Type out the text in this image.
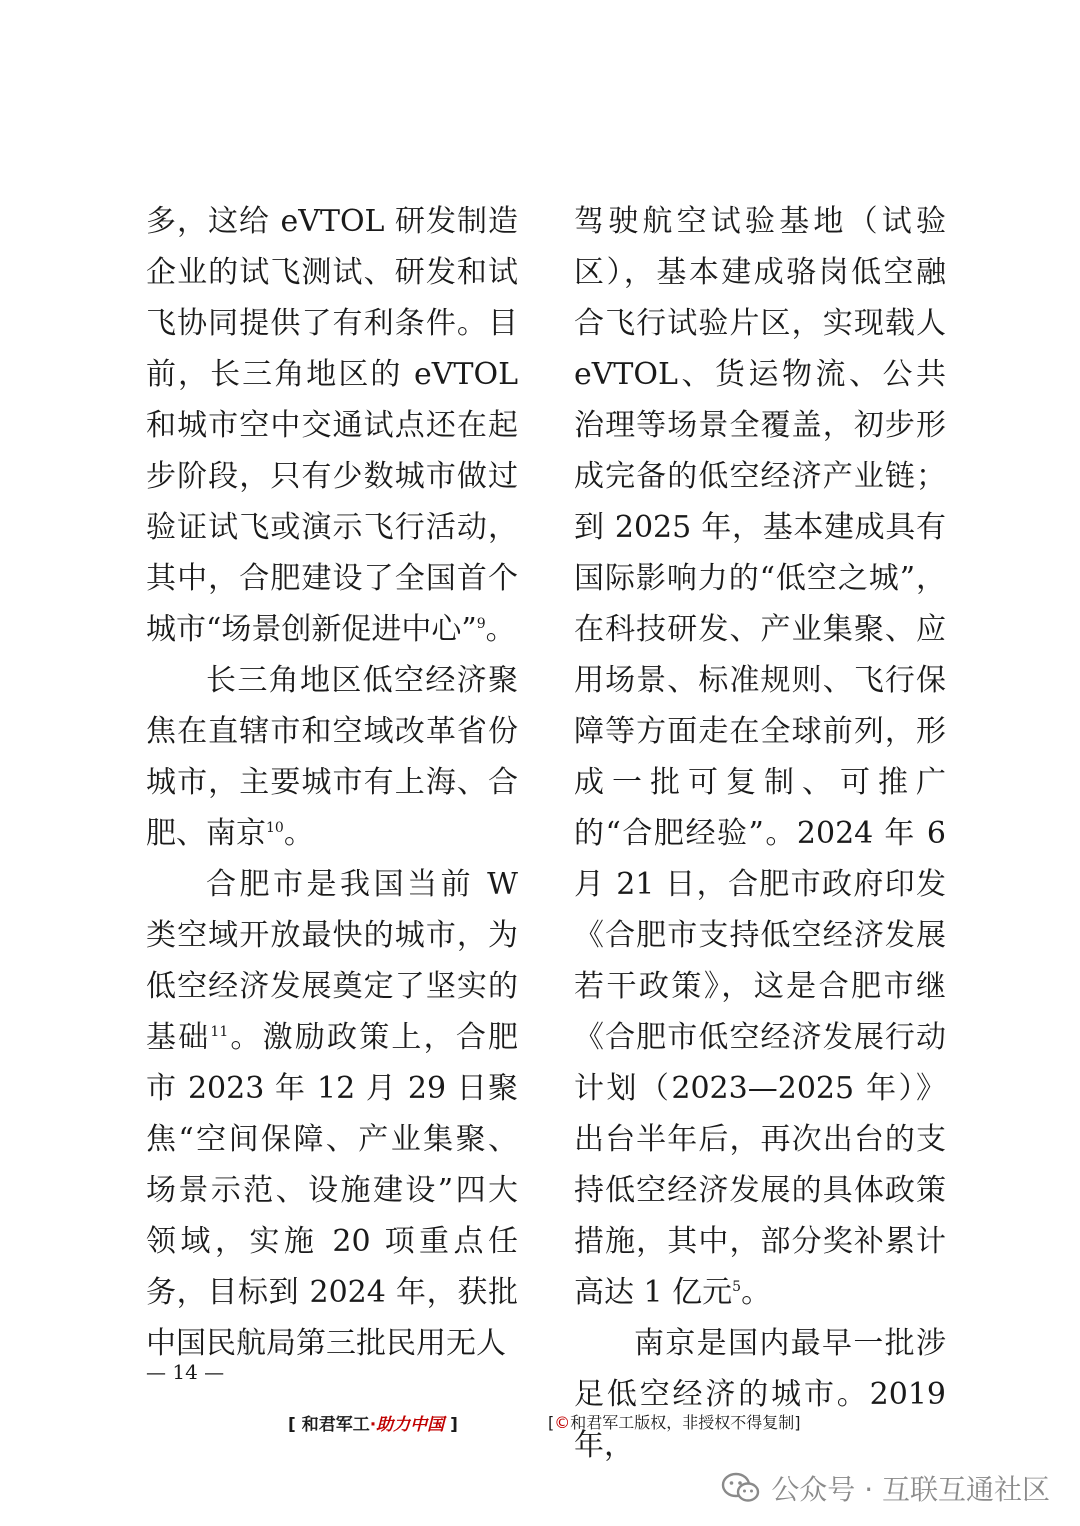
多，这给 eVTOL 研发制造企业的试飞测试、研发和试飞协同提供了有利条件。目前，长三角地区的 eVTOL 和城市空中交通试点还在起步阶段，只有少数城市做过验证试飞或演示飞行活动，其中，合肥建设了全国首个城市“场景创新促进中心”$^9$。

长三角地区低空经济聚焦在直辖市和空域改革省份城市，主要城市有上海、合肥、南京$^{10}$。

合肥市是我国当前 W 类空域开放最快的城市，为低空经济发展奠定了坚实的基础$^{11}$。激励政策上，合肥市 2023 年 12 月 29 日聚焦“空间保障、产业集聚、场景示范、设施建设”四大领域，实施 20 项重点任务，目标到 2024 年，获批中国民航局第三批民用无人

驾驶航空试验基地（试验区），基本建成骆岗低空融合飞行试验片区，实现载人 eVTOL、货运物流、公共治理等场景全覆盖，初步形成完备的低空经济产业链；到 2025 年，基本建成具有国际影响力的“低空之城”，在科技研发、产业集聚、应用场景、标准规则、飞行保障等方面走在全球前列，形成一批可复制、可推广的“合肥经验”。2024 年 6 月 21 日，合肥市政府印发《合肥市支持低空经济发展若干政策》，这是合肥市继《合肥市低空经济发展行动计划（2023—2025 年）》出台半年后，再次出台的支持低空经济发展的具体政策措施，其中，部分奖补累计高达 1 亿元$^5$。

南京是国内最早一批涉足低空经济的城市。2019 年，

— 14 —
[ 和君军工·助力中国 ]	[©和君军工版权，非授权不得复制]
公众号 · 互联互通社区
